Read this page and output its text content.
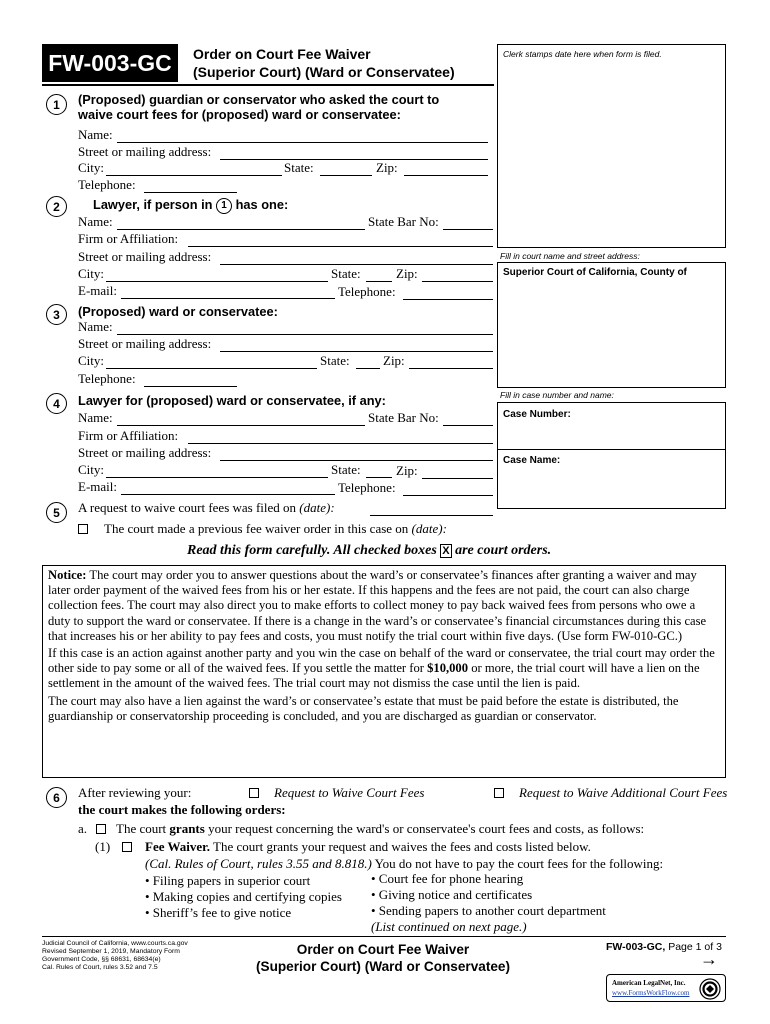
FW-003-GC	Order on Court Fee Waiver
(Superior Court) (Ward or Conservatee)
Clerk stamps date here when form is filed.
Fill in court name and street address:
Superior Court of California, County of
Fill in case number and name:
Case Number:
Case Name:
1	(Proposed) guardian or conservator who asked the court to
waive court fees for (proposed) ward or conservatee:
Name:
Street or mailing address:
City:	State:	Zip:
Telephone:
2	Lawyer, if person in 1 has one:
Name:	State Bar No:
Firm or Affiliation:
Street or mailing address:
City:	State:	Zip:
E-mail:	Telephone:
3	(Proposed) ward or conservatee:
Name:
Street or mailing address:
City:	State:	Zip:
Telephone:
4	Lawyer for (proposed) ward or conservatee, if any:
Name:	State Bar No:
Firm or Affiliation:
Street or mailing address:
City:	State:	Zip:
E-mail:	Telephone:
5	A request to waive court fees was filed on (date):
The court made a previous fee waiver order in this case on (date):
Read this form carefully. All checked boxes X are court orders.

Notice: The court may order you to answer questions about the ward’s or conservatee’s finances after granting a waiver and may later order payment of the waived fees from his or her estate. If this happens and the fees are not paid, the court can also charge collection fees. The court may also direct you to make efforts to collect money to pay back waived fees from persons who owe a duty to support the ward or conservatee. If there is a change in the ward’s or conservatee’s financial circumstances during this case that increases his or her ability to pay fees and costs, you must notify the trial court within five days. (Use form FW-010-GC.)

If this case is an action against another party and you win the case on behalf of the ward or conservatee, the trial court may order the other side to pay some or all of the waived fees. If you settle the matter for $10,000 or more, the trial court will have a lien on the settlement in the amount of the waived fees. The trial court may not dismiss the case until the lien is paid.

The court may also have a lien against the ward’s or conservatee’s estate that must be paid before the estate is distributed, the guardianship or conservatorship proceeding is concluded, and you are discharged as guardian or conservator.

6	After reviewing your:	Request to Waive Court Fees	Request to Waive Additional Court Fees
the court makes the following orders:
a. The court grants your request concerning the ward's or conservatee's court fees and costs, as follows:
(1)	Fee Waiver. The court grants your request and waives the fees and costs listed below.
(Cal. Rules of Court, rules 3.55 and 8.818.) You do not have to pay the court fees for the following:
• Filing papers in superior court
• Making copies and certifying copies
• Sheriff’s fee to give notice
• Court fee for phone hearing
• Giving notice and certificates
• Sending papers to another court department
(List continued on next page.)
Judicial Council of California, www.courts.ca.gov
Revised September 1, 2019, Mandatory Form
Government Code, §§ 68631, 68634(e)
Cal. Rules of Court, rules 3.52 and 7.5
Order on Court Fee Waiver
(Superior Court) (Ward or Conservatee)
FW-003-GC, Page 1 of 3
→
American LegalNet, Inc.
www.FormsWorkFlow.com
